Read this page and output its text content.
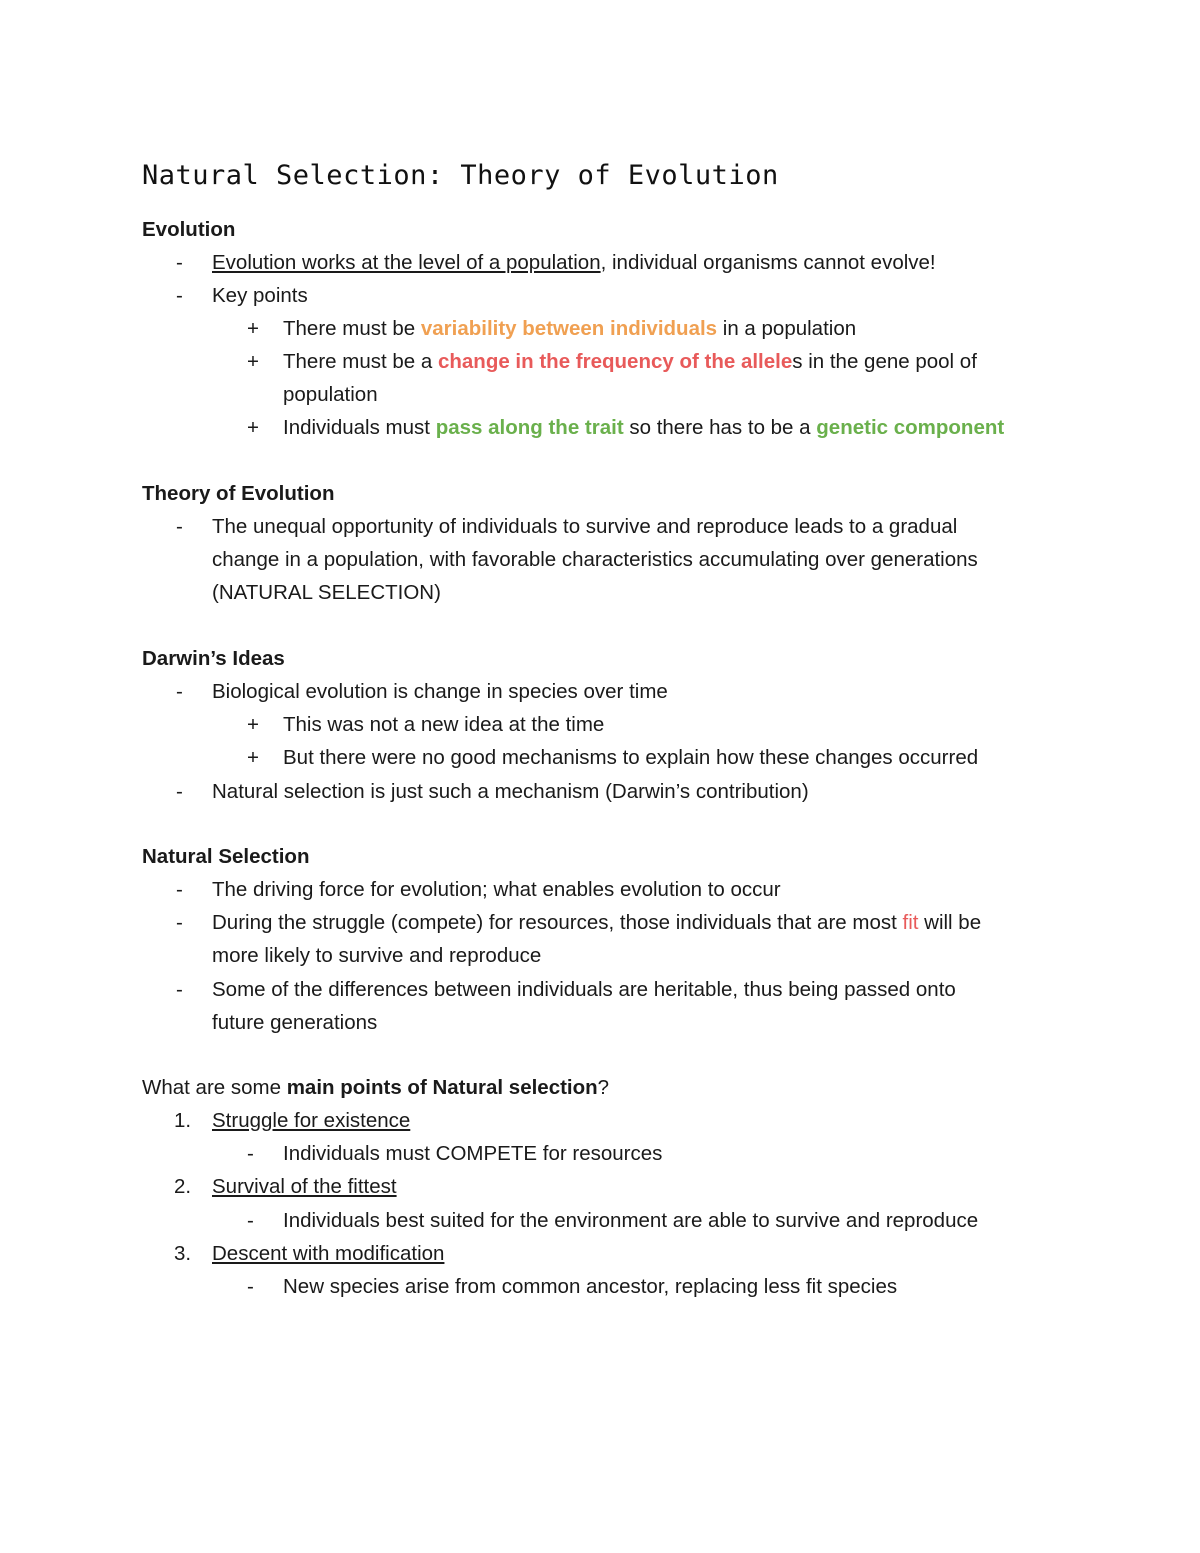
Natural Selection: Theory of Evolution
Evolution
- Evolution works at the level of a population, individual organisms cannot evolve!
- Key points
+ There must be variability between individuals in a population
+ There must be a change in the frequency of the alleles in the gene pool of
population
+ Individuals must pass along the trait so there has to be a genetic component
Theory of Evolution
- The unequal opportunity of individuals to survive and reproduce leads to a gradual
change in a population, with favorable characteristics accumulating over generations
(NATURAL SELECTION)
Darwin’s Ideas
- Biological evolution is change in species over time
+ This was not a new idea at the time
+ But there were no good mechanisms to explain how these changes occurred
- Natural selection is just such a mechanism (Darwin’s contribution)
Natural Selection
- The driving force for evolution; what enables evolution to occur
- During the struggle (compete) for resources, those individuals that are most fit will be
more likely to survive and reproduce
- Some of the differences between individuals are heritable, thus being passed onto
future generations
What are some main points of Natural selection?
1. Struggle for existence
- Individuals must COMPETE for resources
2. Survival of the fittest
- Individuals best suited for the environment are able to survive and reproduce
3. Descent with modification
- New species arise from common ancestor, replacing less fit species
